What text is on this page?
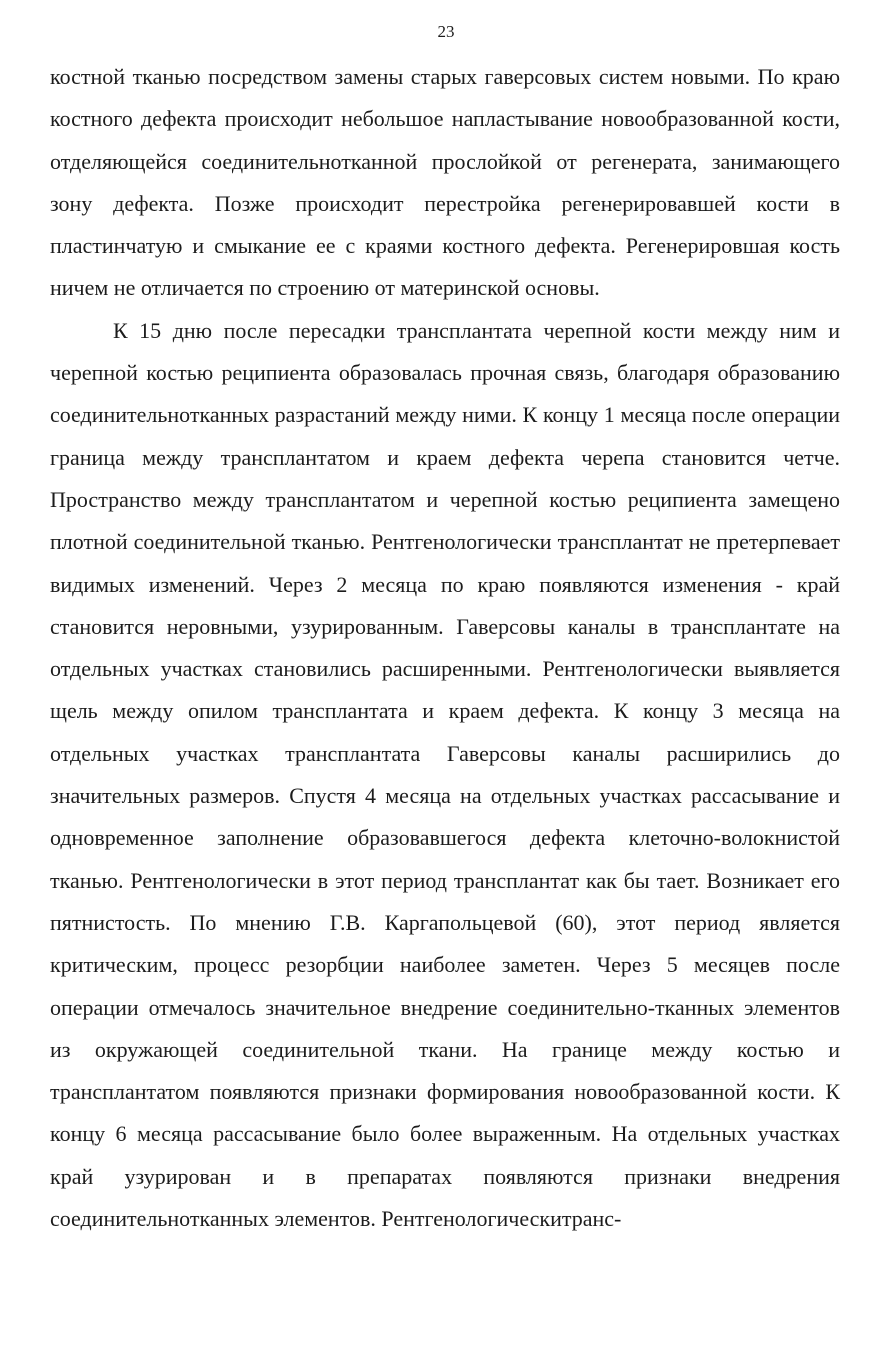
23

костной тканью посредством замены старых гаверсовых систем новыми. По краю костного дефекта происходит небольшое напластывание новообразованной кости, отделяющейся соединительнотканной прослойкой от регенерата, занимающего зону дефекта. Позже происходит перестройка регенерировавшей кости в пластинчатую и смыкание ее с краями костного дефекта. Регенерировшая кость ничем не отличается по строению от материнской основы.

К 15 дню после пересадки трансплантата черепной кости между ним и черепной костью реципиента образовалась прочная связь, благодаря образованию соединительнотканных разрастаний между ними. К концу 1 месяца после операции граница между трансплантатом и краем дефекта черепа становится четче. Пространство между трансплантатом и черепной костью реципиента замещено плотной соединительной тканью. Рентгенологически трансплантат не претерпевает видимых изменений. Через 2 месяца по краю появляются изменения - край становится неровными, узурированным. Гаверсовы каналы в трансплантате на отдельных участках становились расширенными. Рентгенологически выявляется щель между опилом трансплантата и краем дефекта. К концу 3 месяца на отдельных участках трансплантата Гаверсовы каналы расширились до значительных размеров. Спустя 4 месяца на отдельных участках рассасывание и одновременное заполнение образовавшегося дефекта клеточно-волокнистой тканью. Рентгенологически в этот период трансплантат как бы тает. Возникает его пятнистость. По мнению Г.В. Каргапольцевой (60), этот период является критическим, процесс резорбции наиболее заметен. Через 5 месяцев после операции отмечалось значительное внедрение соединительно-тканных элементов из окружающей соединительной ткани. На границе между костью и трансплантатом появляются признаки формирования новообразованной кости. К концу 6 месяца рассасывание было более выраженным. На отдельных участках край узурирован и в препаратах появляются признаки внедрения соединительнотканных элементов. Рентгенологическитранс-
